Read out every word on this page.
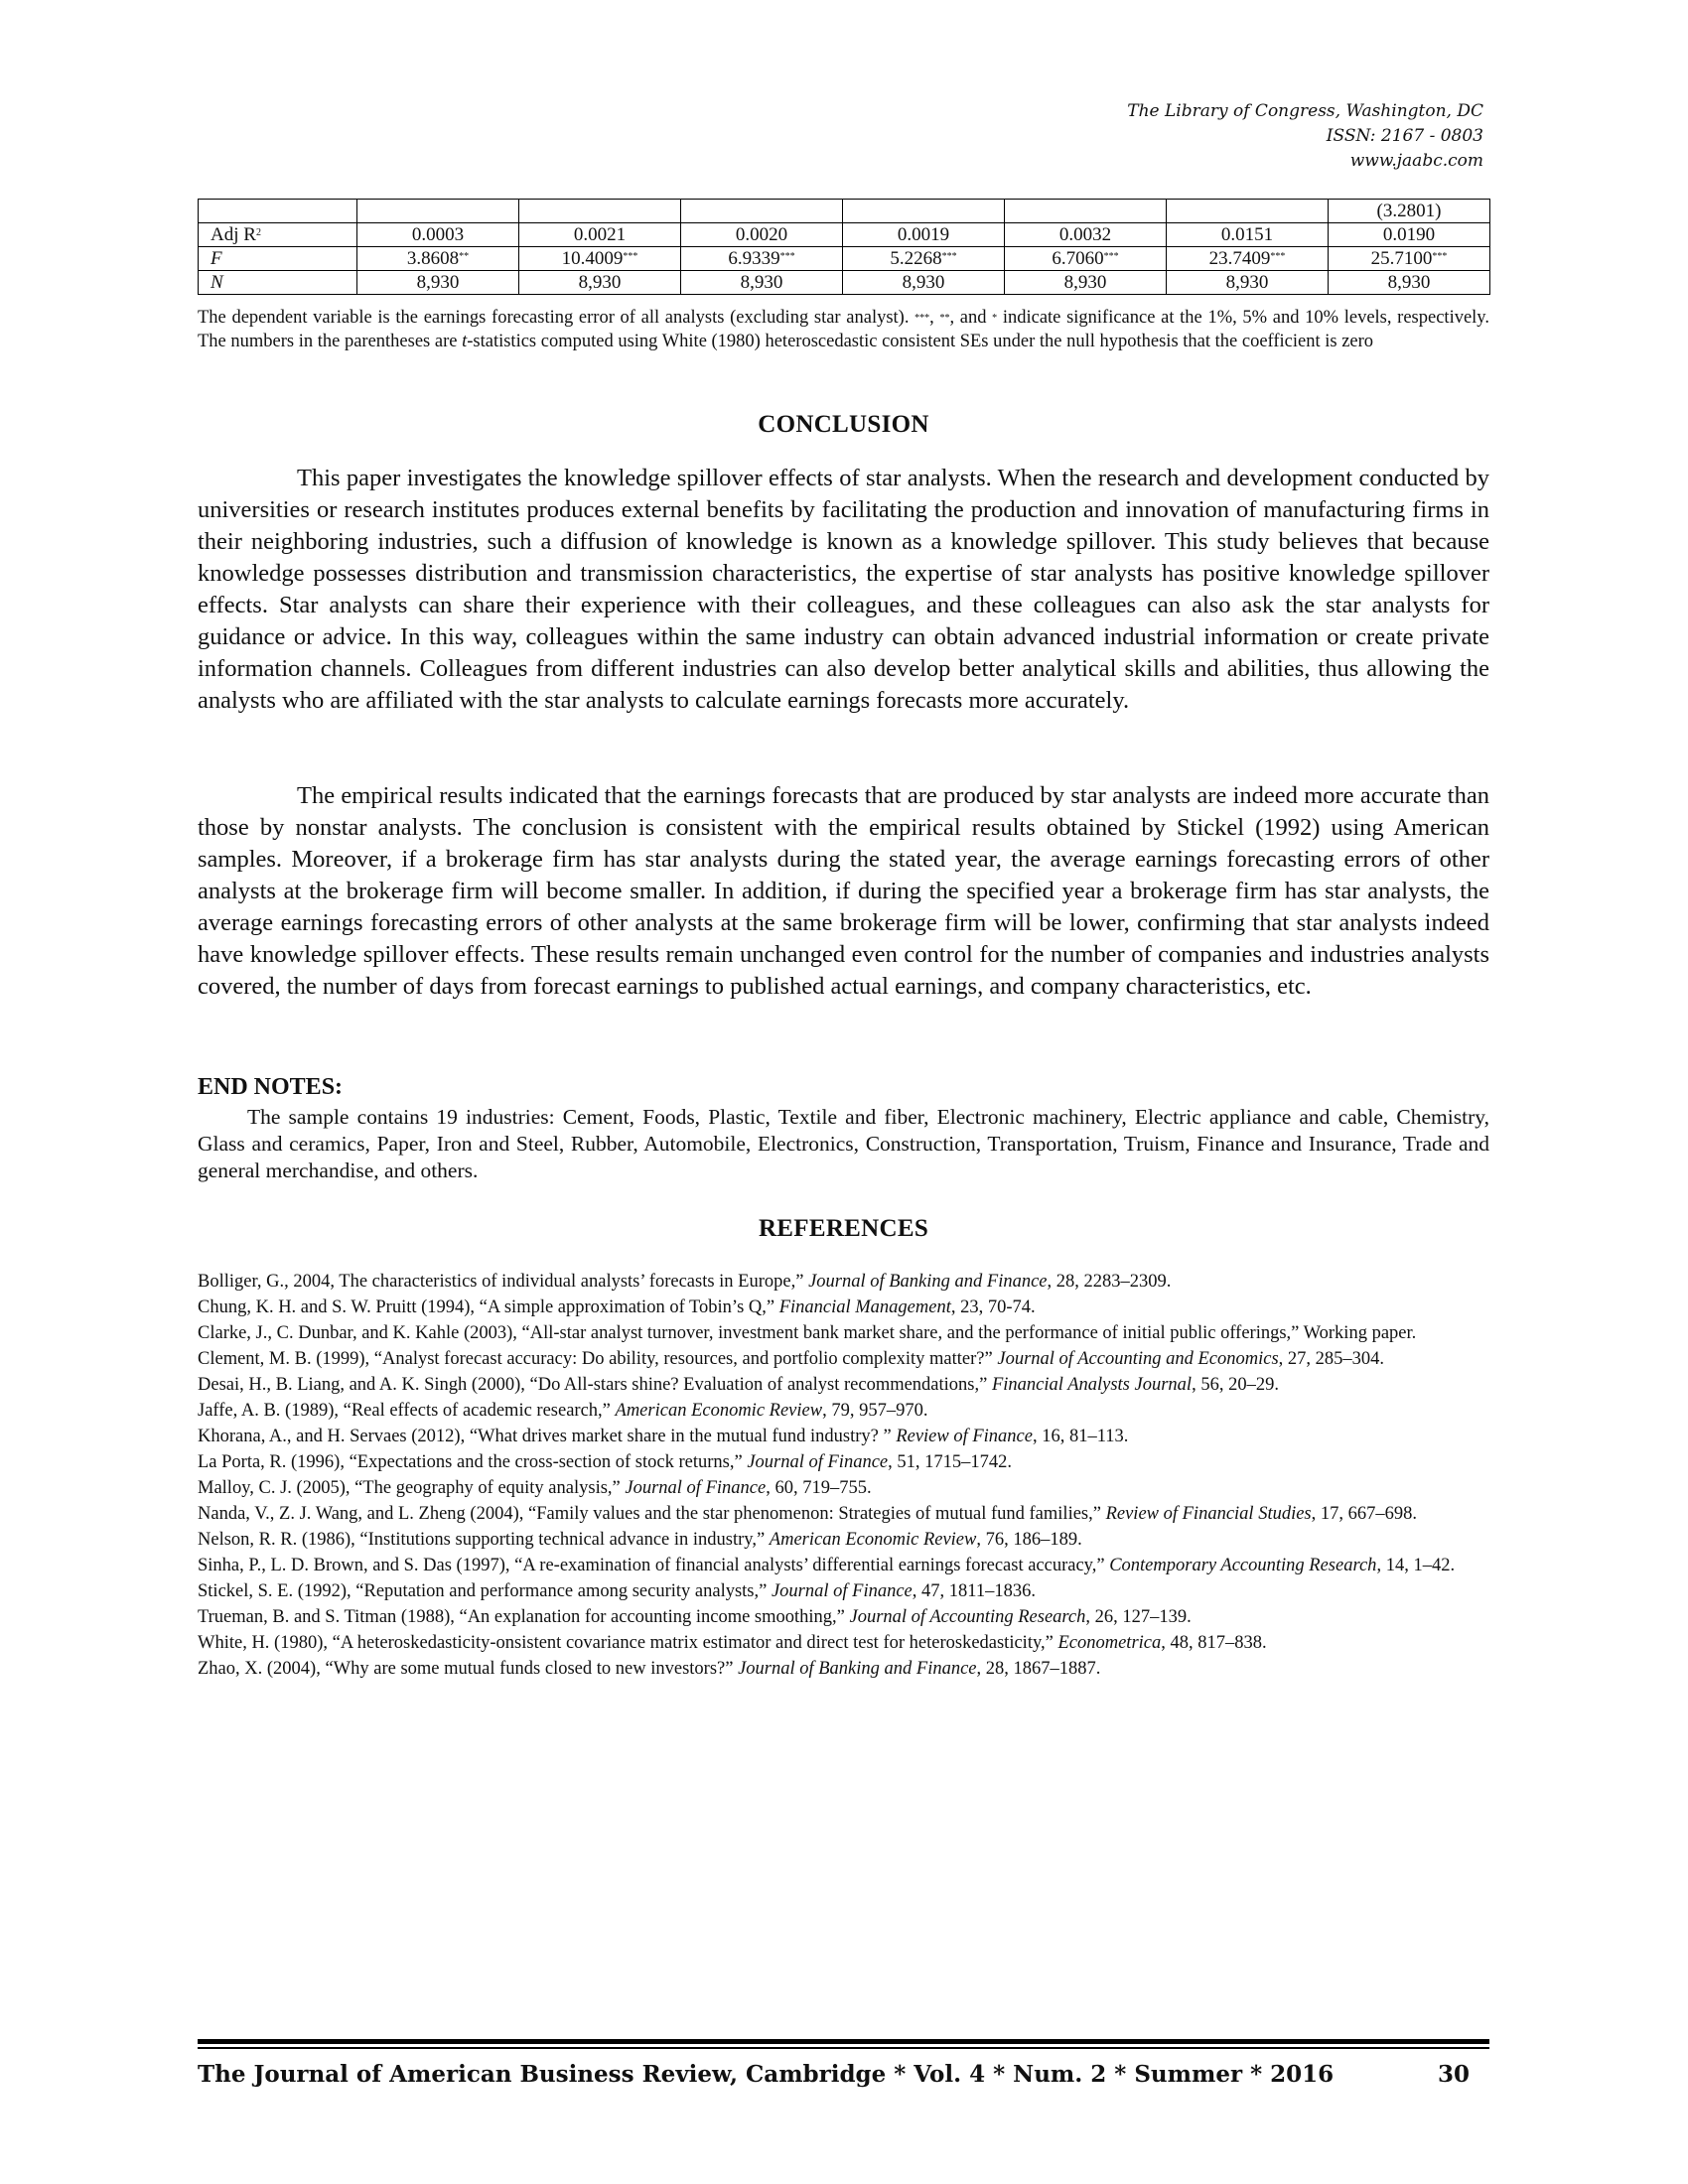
The Library of Congress, Washington, DC
ISSN: 2167 - 0803
www.jaabc.com
							(3.2801)
Adj $R^2$	0.0003	0.0021	0.0020	0.0019	0.0032	0.0151	0.0190
F	3.8608**	10.4009***	6.9339***	5.2268***	6.7060***	23.7409***	25.7100***
N	8,930	8,930	8,930	8,930	8,930	8,930	8,930
The dependent variable is the earnings forecasting error of all analysts (excluding star analyst). ***, **, and * indicate significance at the 1%, 5% and 10% levels, respectively. The numbers in the parentheses are t-statistics computed using White (1980) heteroscedastic consistent SEs under the null hypothesis that the coefficient is zero
CONCLUSION

This paper investigates the knowledge spillover effects of star analysts. When the research and development conducted by universities or research institutes produces external benefits by facilitating the production and innovation of manufacturing firms in their neighboring industries, such a diffusion of knowledge is known as a knowledge spillover. This study believes that because knowledge possesses distribution and transmission characteristics, the expertise of star analysts has positive knowledge spillover effects. Star analysts can share their experience with their colleagues, and these colleagues can also ask the star analysts for guidance or advice. In this way, colleagues within the same industry can obtain advanced industrial information or create private information channels. Colleagues from different industries can also develop better analytical skills and abilities, thus allowing the analysts who are affiliated with the star analysts to calculate earnings forecasts more accurately.

The empirical results indicated that the earnings forecasts that are produced by star analysts are indeed more accurate than those by nonstar analysts. The conclusion is consistent with the empirical results obtained by Stickel (1992) using American samples. Moreover, if a brokerage firm has star analysts during the stated year, the average earnings forecasting errors of other analysts at the brokerage firm will become smaller. In addition, if during the specified year a brokerage firm has star analysts, the average earnings forecasting errors of other analysts at the same brokerage firm will be lower, confirming that star analysts indeed have knowledge spillover effects. These results remain unchanged even control for the number of companies and industries analysts covered, the number of days from forecast earnings to published actual earnings, and company characteristics, etc.

END NOTES:

The sample contains 19 industries: Cement, Foods, Plastic, Textile and fiber, Electronic machinery, Electric appliance and cable, Chemistry, Glass and ceramics, Paper, Iron and Steel, Rubber, Automobile, Electronics, Construction, Transportation, Truism, Finance and Insurance, Trade and general merchandise, and others.

REFERENCES
Bolliger, G., 2004, The characteristics of individual analysts’ forecasts in Europe,” Journal of Banking and Finance, 28, 2283–2309.
Chung, K. H. and S. W. Pruitt (1994), “A simple approximation of Tobin’s Q,” Financial Management, 23, 70-74.
Clarke, J., C. Dunbar, and K. Kahle (2003), “All-star analyst turnover, investment bank market share, and the performance of initial public offerings,” Working paper.
Clement, M. B. (1999), “Analyst forecast accuracy: Do ability, resources, and portfolio complexity matter?” Journal of Accounting and Economics, 27, 285–304.
Desai, H., B. Liang, and A. K. Singh (2000), “Do All-stars shine? Evaluation of analyst recommendations,” Financial Analysts Journal, 56, 20–29.
Jaffe, A. B. (1989), “Real effects of academic research,” American Economic Review, 79, 957–970.
Khorana, A., and H. Servaes (2012), “What drives market share in the mutual fund industry? ” Review of Finance, 16, 81–113.
La Porta, R. (1996), “Expectations and the cross-section of stock returns,” Journal of Finance, 51, 1715–1742.
Malloy, C. J. (2005), “The geography of equity analysis,” Journal of Finance, 60, 719–755.
Nanda, V., Z. J. Wang, and L. Zheng (2004), “Family values and the star phenomenon: Strategies of mutual fund families,” Review of Financial Studies, 17, 667–698.
Nelson, R. R. (1986), “Institutions supporting technical advance in industry,” American Economic Review, 76, 186–189.
Sinha, P., L. D. Brown, and S. Das (1997), “A re-examination of financial analysts’ differential earnings forecast accuracy,” Contemporary Accounting Research, 14, 1–42.
Stickel, S. E. (1992), “Reputation and performance among security analysts,” Journal of Finance, 47, 1811–1836.
Trueman, B. and S. Titman (1988), “An explanation for accounting income smoothing,” Journal of Accounting Research, 26, 127–139.
White, H. (1980), “A heteroskedasticity-onsistent covariance matrix estimator and direct test for heteroskedasticity,” Econometrica, 48, 817–838.
Zhao, X. (2004), “Why are some mutual funds closed to new investors?” Journal of Banking and Finance, 28, 1867–1887.
The Journal of American Business Review, Cambridge * Vol. 4 * Num. 2 * Summer * 2016	30
